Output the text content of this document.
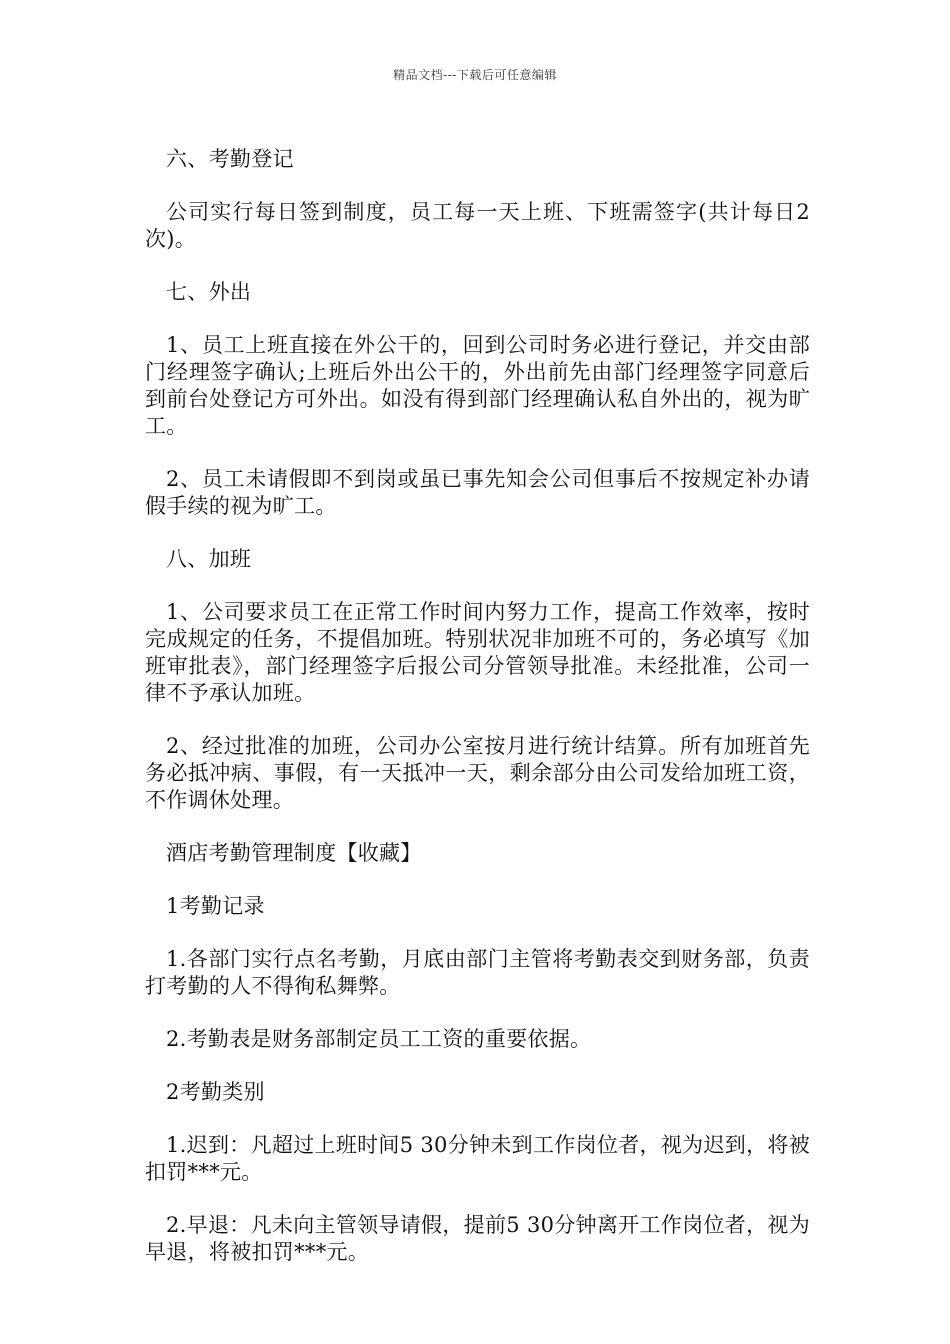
精品文档---下载后可任意编辑

六、考勤登记

公司实行每日签到制度，员工每一天上班、下班需签字(共计每日2次)。

七、外出

1、员工上班直接在外公干的，回到公司时务必进行登记，并交由部门经理签字确认;上班后外出公干的，外出前先由部门经理签字同意后到前台处登记方可外出。如没有得到部门经理确认私自外出的，视为旷工。

2、员工未请假即不到岗或虽已事先知会公司但事后不按规定补办请假手续的视为旷工。

八、加班

1、公司要求员工在正常工作时间内努力工作，提高工作效率，按时完成规定的任务，不提倡加班。特别状况非加班不可的，务必填写《加班审批表》，部门经理签字后报公司分管领导批准。未经批准，公司一律不予承认加班。

2、经过批准的加班，公司办公室按月进行统计结算。所有加班首先务必抵冲病、事假，有一天抵冲一天，剩余部分由公司发给加班工资，不作调休处理。

酒店考勤管理制度【收藏】

1考勤记录

1.各部门实行点名考勤，月底由部门主管将考勤表交到财务部，负责打考勤的人不得徇私舞弊。

2.考勤表是财务部制定员工工资的重要依据。

2考勤类别

1.迟到：凡超过上班时间5 30分钟未到工作岗位者，视为迟到，将被扣罚***元。

2.早退：凡未向主管领导请假，提前5 30分钟离开工作岗位者，视为早退，将被扣罚***元。
